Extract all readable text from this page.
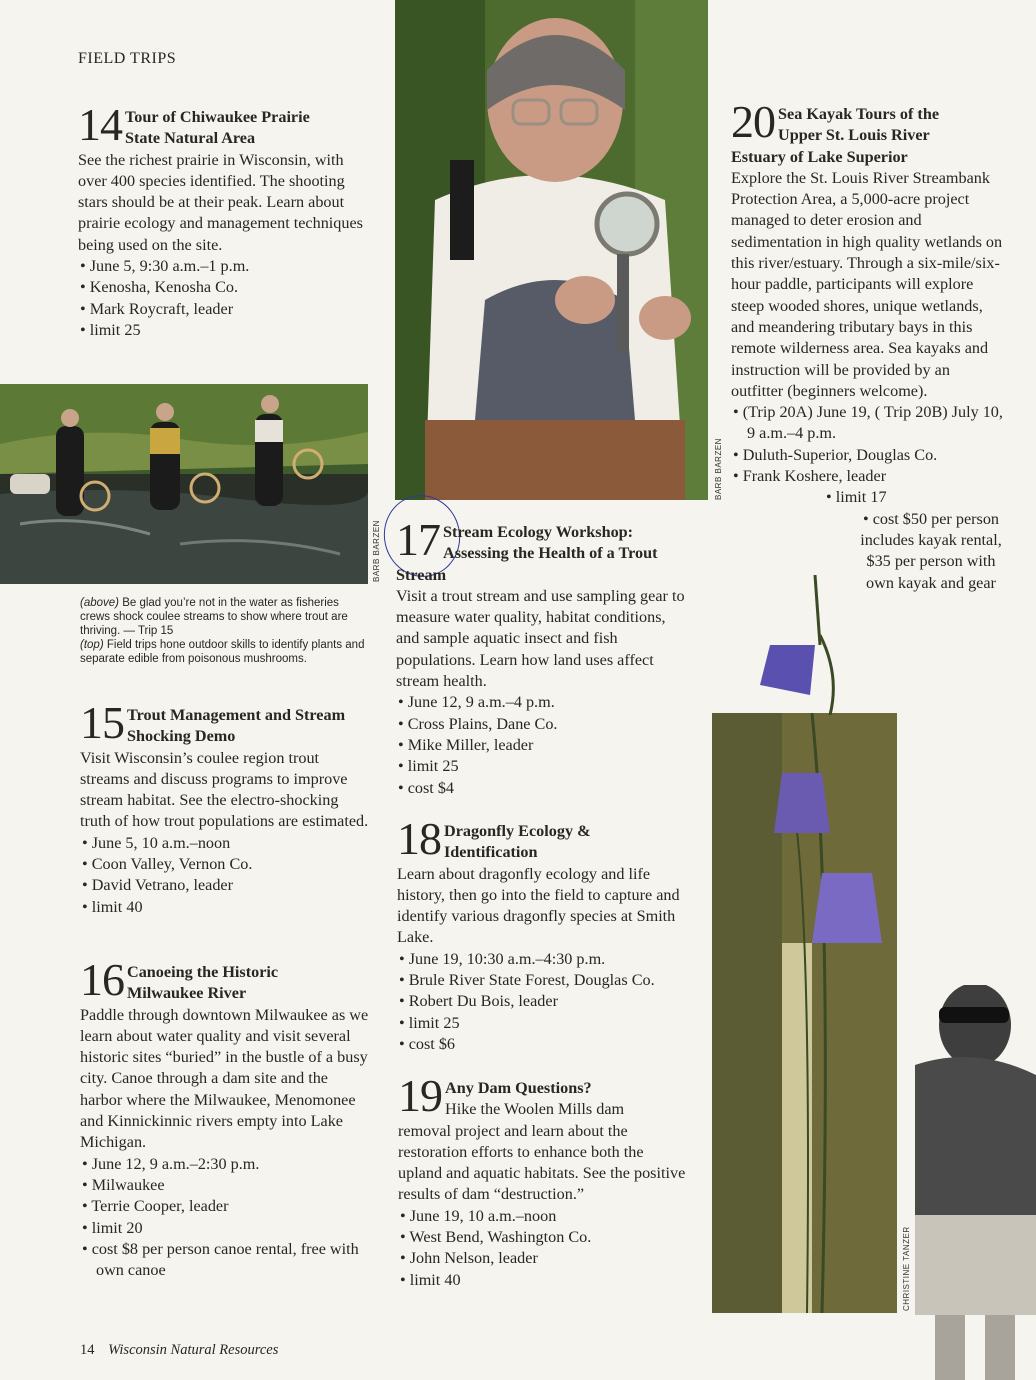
FIELD TRIPS
BARB BARZEN
BARB BARZEN
CHRISTINE TANZER
14 Tour of Chiwaukee Prairie
State Natural Area

See the richest prairie in Wisconsin, with over 400 species identified. The shooting stars should be at their peak. Learn about prairie ecology and management techniques being used on the site.

• June 5, 9:30 a.m.–1 p.m.
• Kenosha, Kenosha Co.
• Mark Roycraft, leader
• limit 25
(above) Be glad you’re not in the water as fisheries crews shock coulee streams to show where trout are thriving. — Trip 15
(top) Field trips hone outdoor skills to identify plants and separate edible from poisonous mushrooms.
15 Trout Management and Stream
Shocking Demo

Visit Wisconsin’s coulee region trout streams and discuss programs to improve stream habitat. See the electro-shocking truth of how trout populations are estimated.

• June 5, 10 a.m.–noon
• Coon Valley, Vernon Co.
• David Vetrano, leader
• limit 40
16 Canoeing the Historic
Milwaukee River

Paddle through downtown Milwaukee as we learn about water quality and visit several historic sites “buried” in the bustle of a busy city. Canoe through a dam site and the harbor where the Milwaukee, Menomonee and Kinnickinnic rivers empty into Lake Michigan.

• June 12, 9 a.m.–2:30 p.m.
• Milwaukee
• Terrie Cooper, leader
• limit 20
• cost $8 per person canoe rental, free with own canoe
17 Stream Ecology Workshop:
Assessing the Health of a Trout
Stream

Visit a trout stream and use sampling gear to measure water quality, habitat conditions, and sample aquatic insect and fish populations. Learn how land uses affect stream health.

• June 12, 9 a.m.–4 p.m.
• Cross Plains, Dane Co.
• Mike Miller, leader
• limit 25
• cost $4
18 Dragonfly Ecology &
Identification

Learn about dragonfly ecology and life history, then go into the field to capture and identify various dragonfly species at Smith Lake.

• June 19, 10:30 a.m.–4:30 p.m.
• Brule River State Forest, Douglas Co.
• Robert Du Bois, leader
• limit 25
• cost $6
19 Any Dam Questions?
Hike the Woolen Mills dam

removal project and learn about the restoration efforts to enhance both the upland and aquatic habitats. See the positive results of dam “destruction.”

• June 19, 10 a.m.–noon
• West Bend, Washington Co.
• John Nelson, leader
• limit 40
20 Sea Kayak Tours of the
Upper St. Louis River
Estuary of Lake Superior

Explore the St. Louis River Streambank Protection Area, a 5,000-acre project managed to deter erosion and sedimentation in high quality wetlands on this river/estuary. Through a six-mile/six-hour paddle, participants will explore steep wooded shores, unique wetlands, and meandering tributary bays in this remote wilderness area. Sea kayaks and instruction will be provided by an outfitter (beginners welcome).

• (Trip 20A) June 19, ( Trip 20B) July 10, 9 a.m.–4 p.m.
• Duluth-Superior, Douglas Co.
• Frank Koshere, leader
• limit 17
• cost $50 per person includes kayak rental, $35 per person with own kayak and gear
14 Wisconsin Natural Resources
